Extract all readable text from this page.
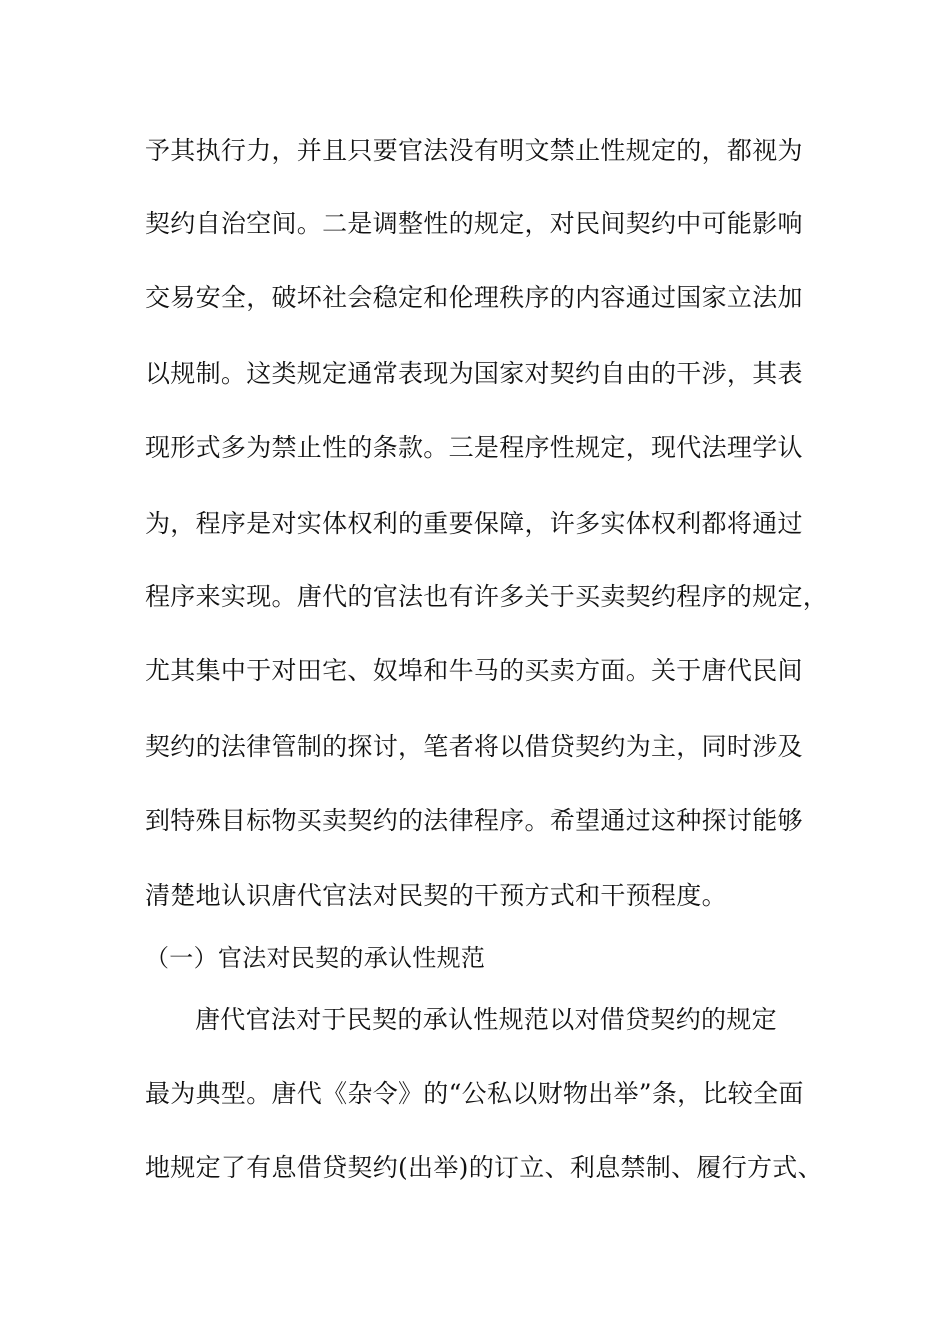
予其执行力，并且只要官法没有明文禁止性规定的，都视为
契约自治空间。二是调整性的规定，对民间契约中可能影响
交易安全，破坏社会稳定和伦理秩序的内容通过国家立法加
以规制。这类规定通常表现为国家对契约自由的干涉，其表
现形式多为禁止性的条款。三是程序性规定，现代法理学认
为，程序是对实体权利的重要保障，许多实体权利都将通过
程序来实现。唐代的官法也有许多关于买卖契约程序的规定，
尤其集中于对田宅、奴埠和牛马的买卖方面。关于唐代民间
契约的法律管制的探讨，笔者将以借贷契约为主，同时涉及
到特殊目标物买卖契约的法律程序。希望通过这种探讨能够
清楚地认识唐代官法对民契的干预方式和干预程度。
（一）官法对民契的承认性规范
唐代官法对于民契的承认性规范以对借贷契约的规定
最为典型。唐代《杂令》的“公私以财物出举”条，比较全面
地规定了有息借贷契约(出举)的订立、利息禁制、履行方式、
